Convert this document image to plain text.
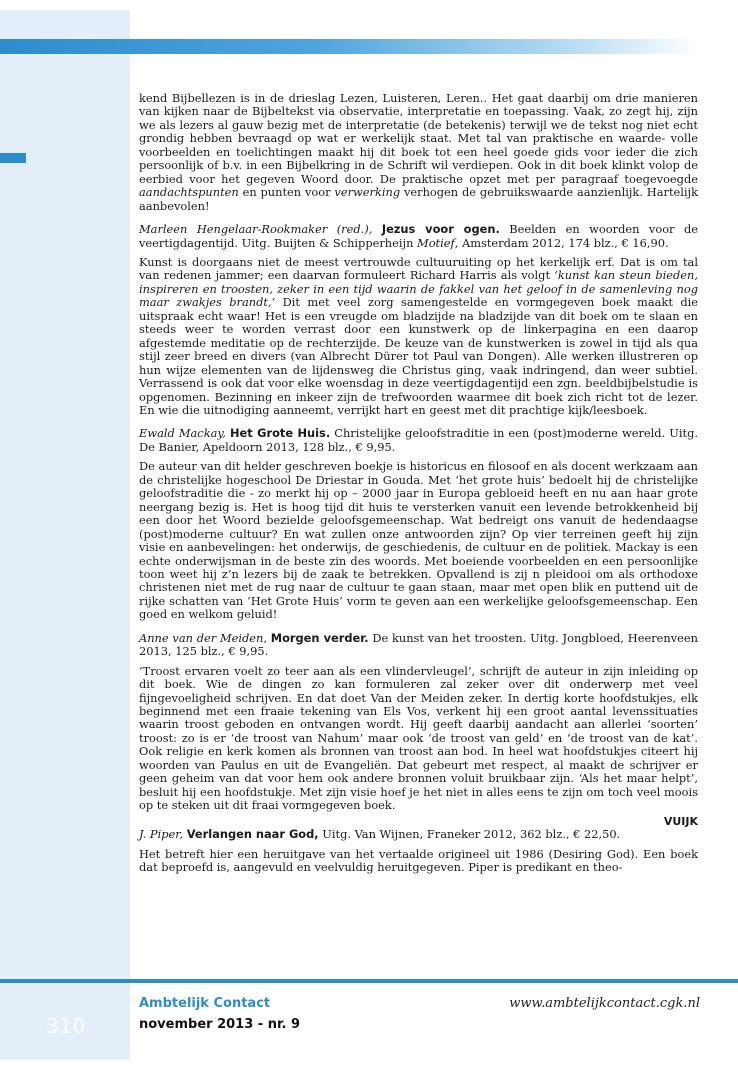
kend Bijbellezen is in de drieslag Lezen, Luisteren, Leren.. Het gaat daarbij om drie manieren van kijken naar de Bijbeltekst via observatie, interpretatie en toepassing. Vaak, zo zegt hij, zijn we als lezers al gauw bezig met de interpretatie (de betekenis) terwijl we de tekst nog niet echt grondig hebben bevraagd op wat er werkelijk staat. Met tal van praktische en waarde- volle voorbeelden en toelichtingen maakt hij dit boek tot een heel goede gids voor ieder die zich persoonlijk of b.v. in een Bijbelkring in de Schrift wil verdiepen. Ook in dit boek klinkt volop de eerbied voor het gegeven Woord door. De praktische opzet met per paragraaf toegevoegde aandachtspunten en punten voor verwerking verhogen de gebruikswaarde aanzienlijk. Hartelijk aanbevolen!

Marleen Hengelaar-Rookmaker (red.), Jezus voor ogen. Beelden en woorden voor de veertigdagentijd. Uitg. Buijten & Schipperheijn Motief, Amsterdam 2012, 174 blz., € 16,90.

Kunst is doorgaans niet de meest vertrouwde cultuuruiting op het kerkelijk erf. Dat is om tal van redenen jammer; een daarvan formuleert Richard Harris als volgt ‘kunst kan steun bieden, inspireren en troosten, zeker in een tijd waarin de fakkel van het geloof in de samenleving nog maar zwakjes brandt,’ Dit met veel zorg samengestelde en vormgegeven boek maakt die uitspraak echt waar! Het is een vreugde om bladzijde na bladzijde van dit boek om te slaan en steeds weer te worden verrast door een kunstwerk op de linkerpagina en een daarop afgestemde meditatie op de rechterzijde. De keuze van de kunstwerken is zowel in tijd als qua stijl zeer breed en divers (van Albrecht Dürer tot Paul van Dongen). Alle werken illustreren op hun wijze elementen van de lijdensweg die Christus ging, vaak indringend, dan weer subtiel. Verrassend is ook dat voor elke woensdag in deze veertigdagentijd een zgn. beeldbijbelstudie is opgenomen. Bezinning en inkeer zijn de trefwoorden waarmee dit boek zich richt tot de lezer. En wie die uitnodiging aanneemt, verrijkt hart en geest met dit prachtige kijk/leesboek.

Ewald Mackay, Het Grote Huis. Christelijke geloofstraditie in een (post)moderne wereld. Uitg. De Banier, Apeldoorn 2013, 128 blz., € 9,95.

De auteur van dit helder geschreven boekje is historicus en filosoof en als docent werkzaam aan de christelijke hogeschool De Driestar in Gouda. Met ‘het grote huis’ bedoelt hij de christelijke geloofstraditie die - zo merkt hij op – 2000 jaar in Europa gebloeid heeft en nu aan haar grote neergang bezig is. Het is hoog tijd dit huis te versterken vanuit een levende betrokkenheid bij een door het Woord bezielde geloofsgemeenschap. Wat bedreigt ons vanuit de hedendaagse (post)moderne cultuur? En wat zullen onze antwoorden zijn? Op vier terreinen geeft hij zijn visie en aanbevelingen: het onderwijs, de geschiedenis, de cultuur en de politiek. Mackay is een echte onderwijsman in de beste zin des woords. Met boeiende voorbeelden en een persoonlijke toon weet hij z’n lezers bij de zaak te betrekken. Opvallend is zij n pleidooi om als orthodoxe christenen niet met de rug naar de cultuur te gaan staan, maar met open blik en puttend uit de rijke schatten van ‘Het Grote Huis’ vorm te geven aan een werkelijke geloofsgemeenschap. Een goed en welkom geluid!

Anne van der Meiden, Morgen verder. De kunst van het troosten. Uitg. Jongbloed, Heerenveen 2013, 125 blz., € 9,95.

‘Troost ervaren voelt zo teer aan als een vlindervleugel’, schrijft de auteur in zijn inleiding op dit boek. Wie de dingen zo kan formuleren zal zeker over dit onderwerp met veel fijngevoeligheid schrijven. En dat doet Van der Meiden zeker. In dertig korte hoofdstukjes, elk beginnend met een fraaie tekening van Els Vos, verkent hij een groot aantal levenssituaties waarin troost geboden en ontvangen wordt. Hij geeft daarbij aandacht aan allerlei ‘soorten’ troost: zo is er ‘de troost van Nahum’ maar ook ‘de troost van geld’ en ‘de troost van de kat’. Ook religie en kerk komen als bronnen van troost aan bod. In heel wat hoofdstukjes citeert hij woorden van Paulus en uit de Evangeliën. Dat gebeurt met respect, al maakt de schrijver er geen geheim van dat voor hem ook andere bronnen voluit bruikbaar zijn. ‘Als het maar helpt’, besluit hij een hoofdstukje. Met zijn visie hoef je het niet in alles eens te zijn om toch veel moois op te steken uit dit fraai vormgegeven boek.

VUIJK

J. Piper, Verlangen naar God, Uitg. Van Wijnen, Franeker 2012, 362 blz., € 22,50.

Het betreft hier een heruitgave van het vertaalde origineel uit 1986 (Desiring God). Een boek dat beproefd is, aangevuld en veelvuldig heruitgegeven. Piper is predikant en theo-

310
Ambtelijk Contact
november 2013 - nr. 9
www.ambtelijkcontact.cgk.nl
